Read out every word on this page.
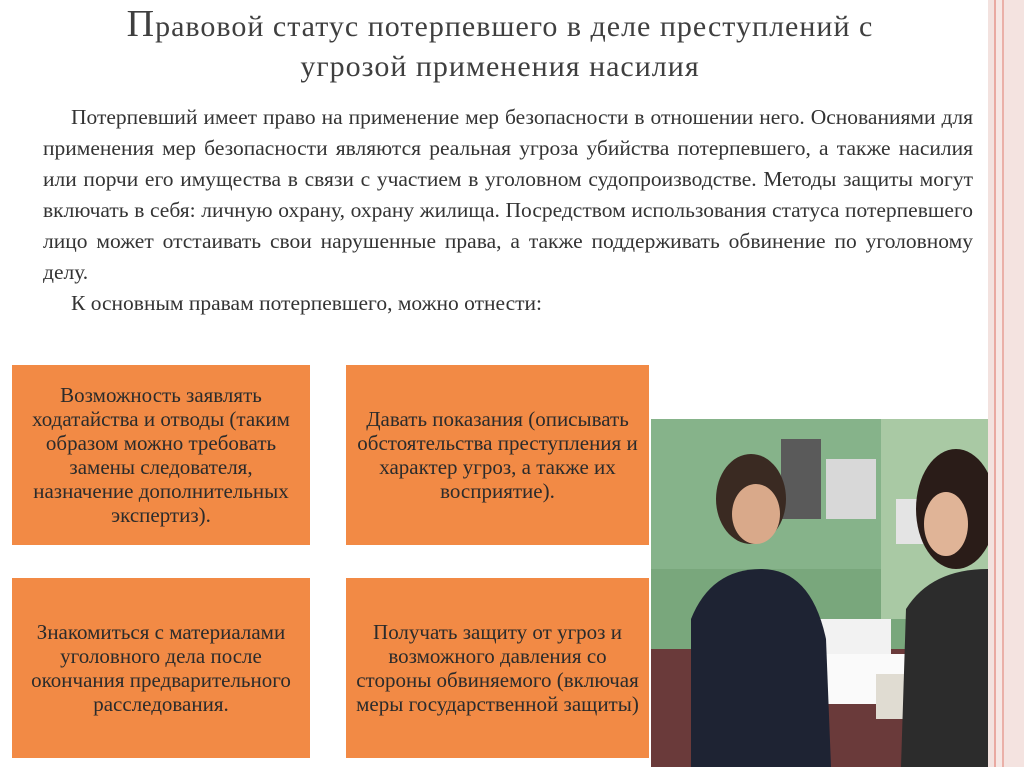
Правовой статус потерпевшего в деле преступлений с
угрозой применения насилия

Потерпевший имеет право на применение мер безопасности в отношении него. Основаниями для применения мер безопасности являются реальная угроза убийства потерпевшего, а также насилия или порчи его имущества в связи с участием в уголовном судопроизводстве. Методы защиты могут включать в себя: личную охрану, охрану жилища. Посредством использования статуса потерпевшего лицо может отстаивать свои нарушенные права, а также поддерживать обвинение по уголовному делу.

К основным правам потерпевшего, можно отнести:

Возможность заявлять ходатайства и отводы (таким образом можно требовать замены следователя, назначение дополнительных экспертиз).
Давать показания (описывать обстоятельства преступления и характер угроз, а также их восприятие).
Знакомиться с материалами уголовного дела после окончания предварительного расследования.
Получать защиту от угроз и возможного давления со стороны обвиняемого (включая меры государственной защиты)
